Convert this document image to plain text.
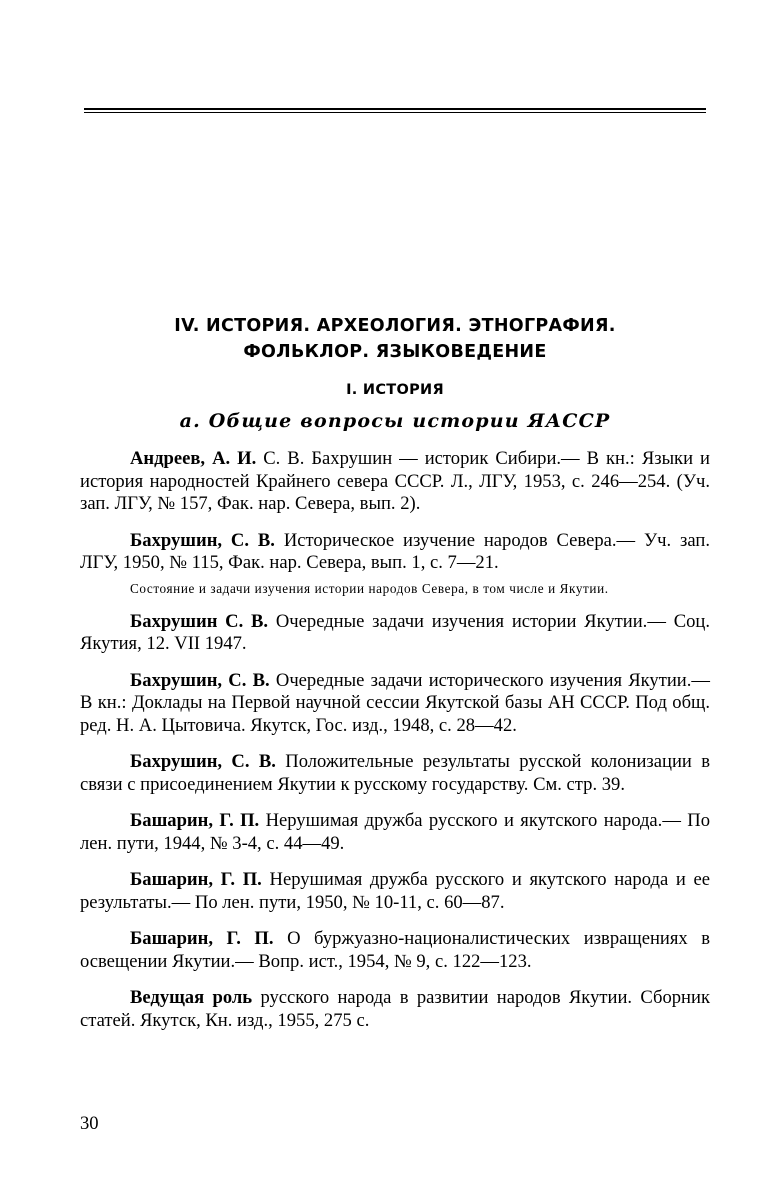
IV. ИСТОРИЯ. АРХЕОЛОГИЯ. ЭТНОГРАФИЯ.
ФОЛЬКЛОР. ЯЗЫКОВЕДЕНИЕ
I. ИСТОРИЯ
а. Общие вопросы истории ЯАССР

Андреев, А. И. С. В. Бахрушин — историк Сибири.— В кн.: Языки и история народностей Крайнего севера СССР. Л., ЛГУ, 1953, с. 246—254. (Уч. зап. ЛГУ, № 157, Фак. нар. Севера, вып. 2).

Бахрушин, С. В. Историческое изучение народов Севера.— Уч. зап. ЛГУ, 1950, № 115, Фак. нар. Севера, вып. 1, с. 7—21.

Состояние и задачи изучения истории народов Севера, в том числе и Якутии.

Бахрушин С. В. Очередные задачи изучения истории Якутии.— Соц. Якутия, 12. VII 1947.

Бахрушин, С. В. Очередные задачи исторического изучения Якутии.— В кн.: Доклады на Первой научной сессии Якутской базы АН СССР. Под общ. ред. Н. А. Цытовича. Якутск, Гос. изд., 1948, с. 28—42.

Бахрушин, С. В. Положительные результаты русской колонизации в связи с присоединением Якутии к русскому государству. См. стр. 39.

Башарин, Г. П. Нерушимая дружба русского и якутского народа.— По лен. пути, 1944, № 3-4, с. 44—49.

Башарин, Г. П. Нерушимая дружба русского и якутского народа и ее результаты.— По лен. пути, 1950, № 10-11, с. 60—87.

Башарин, Г. П. О буржуазно-националистических извращениях в освещении Якутии.— Вопр. ист., 1954, № 9, с. 122—123.

Ведущая роль русского народа в развитии народов Якутии. Сборник статей. Якутск, Кн. изд., 1955, 275 с.

30
